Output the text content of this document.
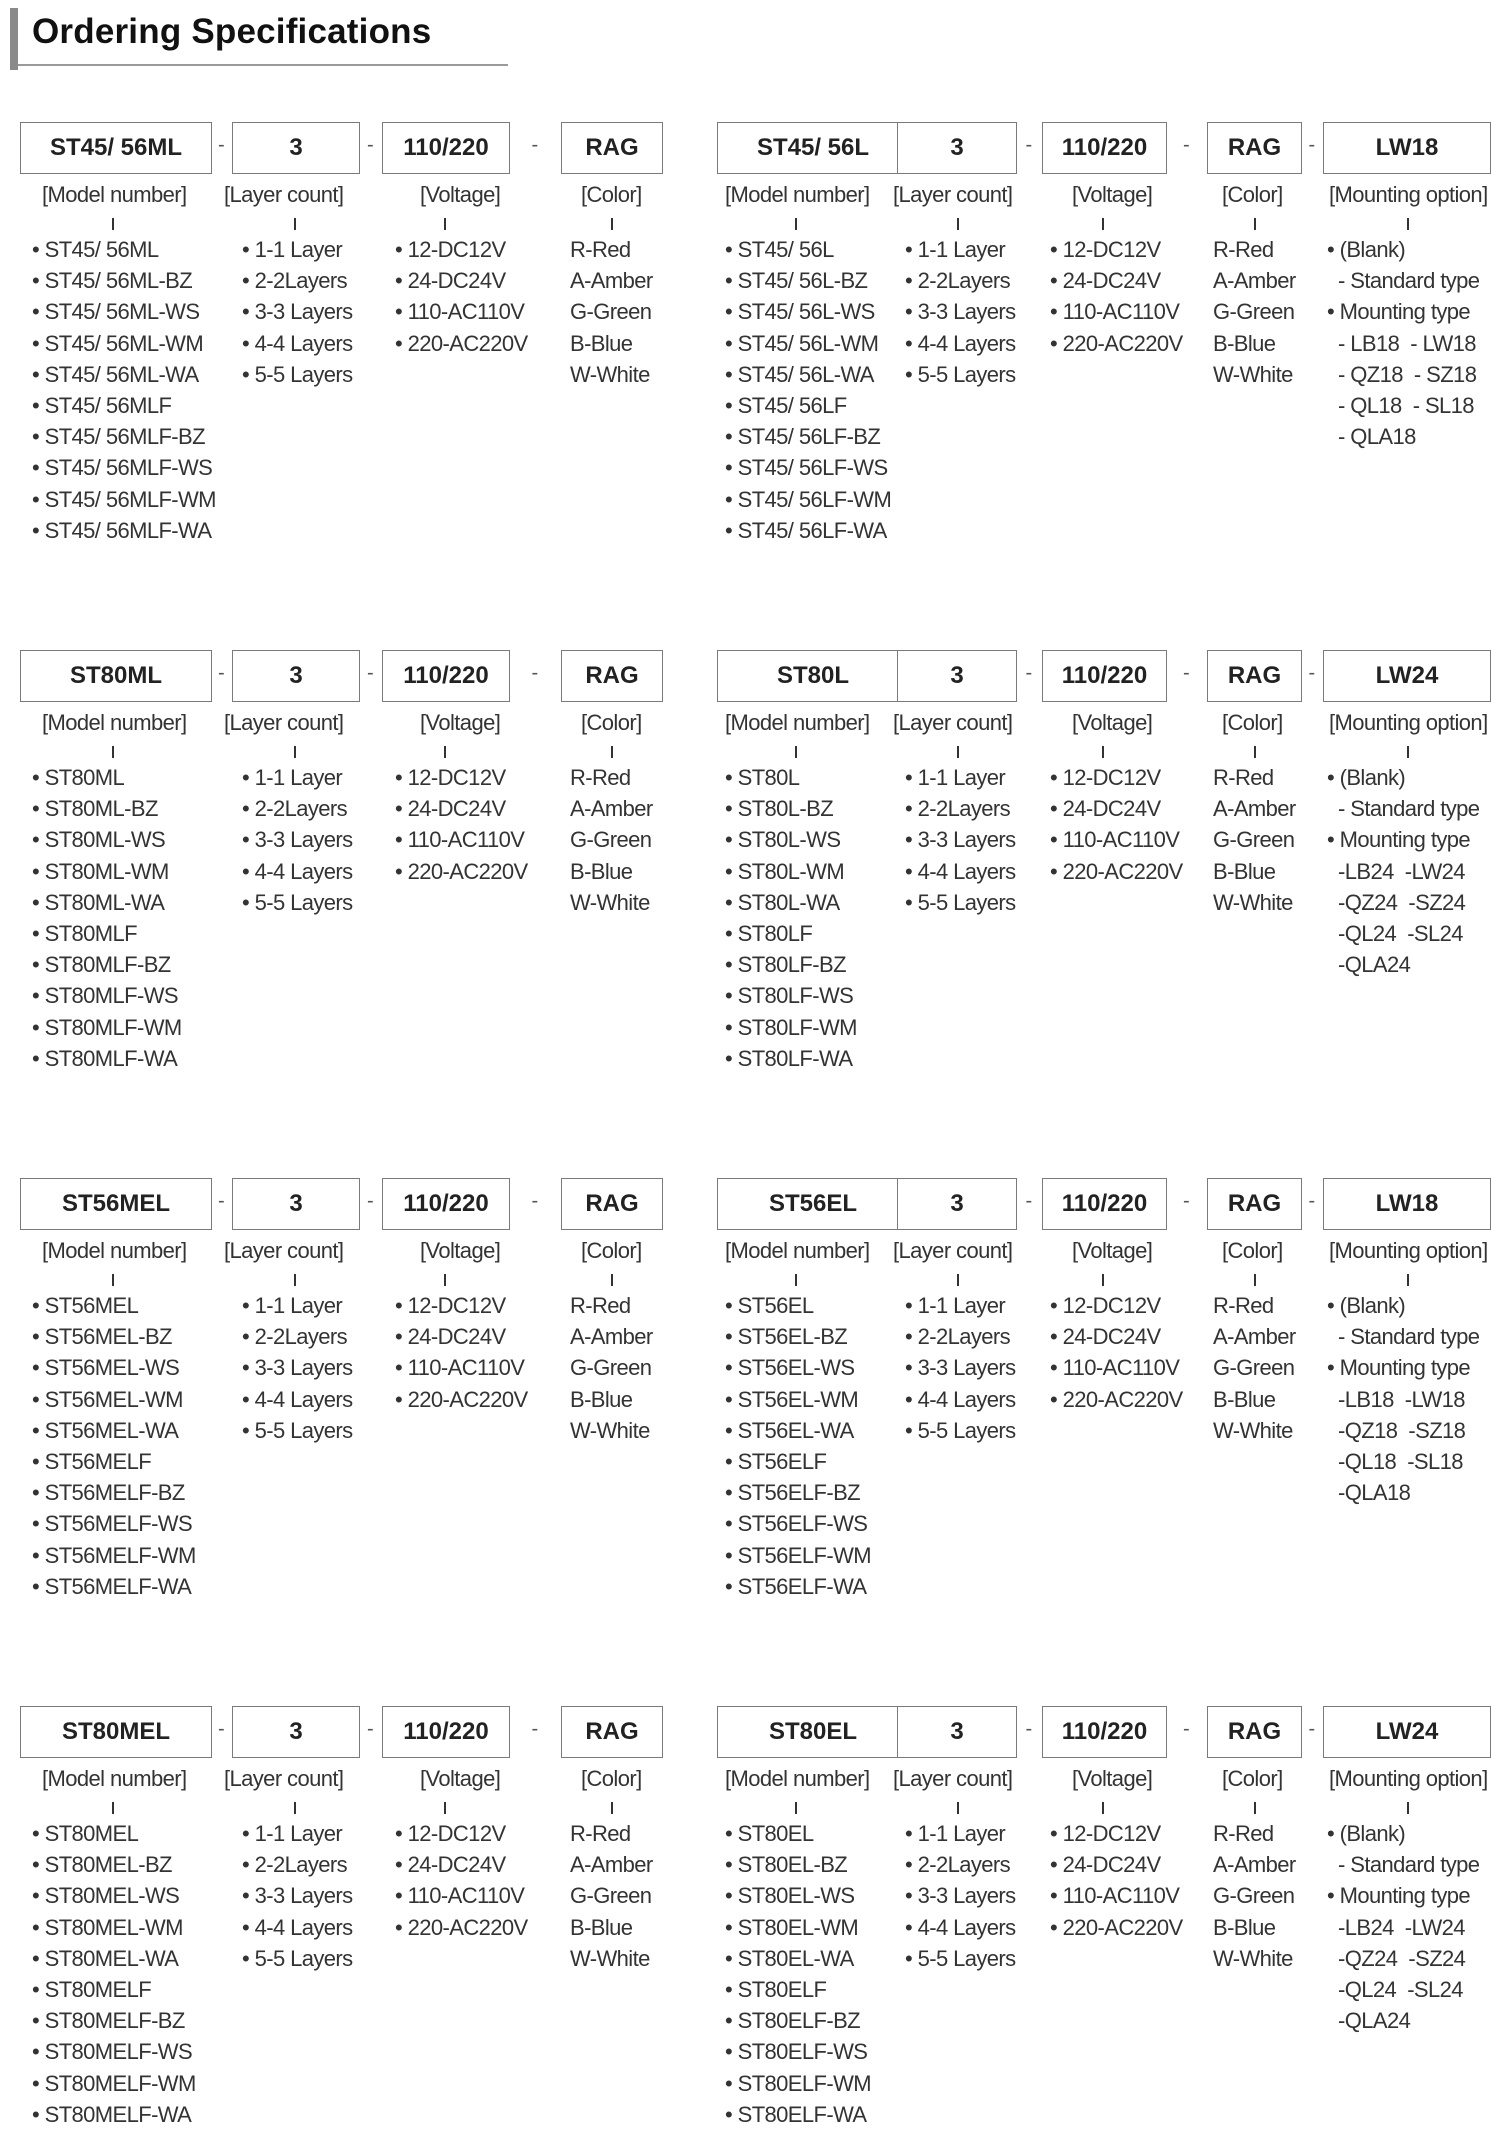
Ordering Specifications
ST45/ 56ML
[Model number]
• ST45/ 56ML
• ST45/ 56ML-BZ
• ST45/ 56ML-WS
• ST45/ 56ML-WM
• ST45/ 56ML-WA
• ST45/ 56MLF
• ST45/ 56MLF-BZ
• ST45/ 56MLF-WS
• ST45/ 56MLF-WM
• ST45/ 56MLF-WA
-	3
[Layer count]
• 1-1 Layer
• 2-2Layers
• 3-3 Layers
• 4-4 Layers
• 5-5 Layers
-	110/220
[Voltage]
• 12-DC12V
• 24-DC24V
• 110-AC110V
• 220-AC220V
-	RAG
[Color]
R-Red
A-Amber
G-Green
B-Blue
W-White
ST45/ 56L
[Model number]
• ST45/ 56L
• ST45/ 56L-BZ
• ST45/ 56L-WS
• ST45/ 56L-WM
• ST45/ 56L-WA
• ST45/ 56LF
• ST45/ 56LF-BZ
• ST45/ 56LF-WS
• ST45/ 56LF-WM
• ST45/ 56LF-WA
3
[Layer count]
• 1-1 Layer
• 2-2Layers
• 3-3 Layers
• 4-4 Layers
• 5-5 Layers
-	110/220
[Voltage]
• 12-DC12V
• 24-DC24V
• 110-AC110V
• 220-AC220V
-	RAG
[Color]
R-Red
A-Amber
G-Green
B-Blue
W-White
-	LW18
[Mounting option]
• (Blank)
- Standard type
• Mounting type
- LB18  - LW18
- QZ18  - SZ18
- QL18  - SL18
- QLA18
ST80ML
[Model number]
• ST80ML
• ST80ML-BZ
• ST80ML-WS
• ST80ML-WM
• ST80ML-WA
• ST80MLF
• ST80MLF-BZ
• ST80MLF-WS
• ST80MLF-WM
• ST80MLF-WA
-	3
[Layer count]
• 1-1 Layer
• 2-2Layers
• 3-3 Layers
• 4-4 Layers
• 5-5 Layers
-	110/220
[Voltage]
• 12-DC12V
• 24-DC24V
• 110-AC110V
• 220-AC220V
-	RAG
[Color]
R-Red
A-Amber
G-Green
B-Blue
W-White
ST80L
[Model number]
• ST80L
• ST80L-BZ
• ST80L-WS
• ST80L-WM
• ST80L-WA
• ST80LF
• ST80LF-BZ
• ST80LF-WS
• ST80LF-WM
• ST80LF-WA
3
[Layer count]
• 1-1 Layer
• 2-2Layers
• 3-3 Layers
• 4-4 Layers
• 5-5 Layers
-	110/220
[Voltage]
• 12-DC12V
• 24-DC24V
• 110-AC110V
• 220-AC220V
-	RAG
[Color]
R-Red
A-Amber
G-Green
B-Blue
W-White
-	LW24
[Mounting option]
• (Blank)
- Standard type
• Mounting type
-LB24  -LW24
-QZ24  -SZ24
-QL24  -SL24
-QLA24
ST56MEL
[Model number]
• ST56MEL
• ST56MEL-BZ
• ST56MEL-WS
• ST56MEL-WM
• ST56MEL-WA
• ST56MELF
• ST56MELF-BZ
• ST56MELF-WS
• ST56MELF-WM
• ST56MELF-WA
-	3
[Layer count]
• 1-1 Layer
• 2-2Layers
• 3-3 Layers
• 4-4 Layers
• 5-5 Layers
-	110/220
[Voltage]
• 12-DC12V
• 24-DC24V
• 110-AC110V
• 220-AC220V
-	RAG
[Color]
R-Red
A-Amber
G-Green
B-Blue
W-White
ST56EL
[Model number]
• ST56EL
• ST56EL-BZ
• ST56EL-WS
• ST56EL-WM
• ST56EL-WA
• ST56ELF
• ST56ELF-BZ
• ST56ELF-WS
• ST56ELF-WM
• ST56ELF-WA
3
[Layer count]
• 1-1 Layer
• 2-2Layers
• 3-3 Layers
• 4-4 Layers
• 5-5 Layers
-	110/220
[Voltage]
• 12-DC12V
• 24-DC24V
• 110-AC110V
• 220-AC220V
-	RAG
[Color]
R-Red
A-Amber
G-Green
B-Blue
W-White
-	LW18
[Mounting option]
• (Blank)
- Standard type
• Mounting type
-LB18  -LW18
-QZ18  -SZ18
-QL18  -SL18
-QLA18
ST80MEL
[Model number]
• ST80MEL
• ST80MEL-BZ
• ST80MEL-WS
• ST80MEL-WM
• ST80MEL-WA
• ST80MELF
• ST80MELF-BZ
• ST80MELF-WS
• ST80MELF-WM
• ST80MELF-WA
-	3
[Layer count]
• 1-1 Layer
• 2-2Layers
• 3-3 Layers
• 4-4 Layers
• 5-5 Layers
-	110/220
[Voltage]
• 12-DC12V
• 24-DC24V
• 110-AC110V
• 220-AC220V
-	RAG
[Color]
R-Red
A-Amber
G-Green
B-Blue
W-White
ST80EL
[Model number]
• ST80EL
• ST80EL-BZ
• ST80EL-WS
• ST80EL-WM
• ST80EL-WA
• ST80ELF
• ST80ELF-BZ
• ST80ELF-WS
• ST80ELF-WM
• ST80ELF-WA
3
[Layer count]
• 1-1 Layer
• 2-2Layers
• 3-3 Layers
• 4-4 Layers
• 5-5 Layers
-	110/220
[Voltage]
• 12-DC12V
• 24-DC24V
• 110-AC110V
• 220-AC220V
-	RAG
[Color]
R-Red
A-Amber
G-Green
B-Blue
W-White
-	LW24
[Mounting option]
• (Blank)
- Standard type
• Mounting type
-LB24  -LW24
-QZ24  -SZ24
-QL24  -SL24
-QLA24
